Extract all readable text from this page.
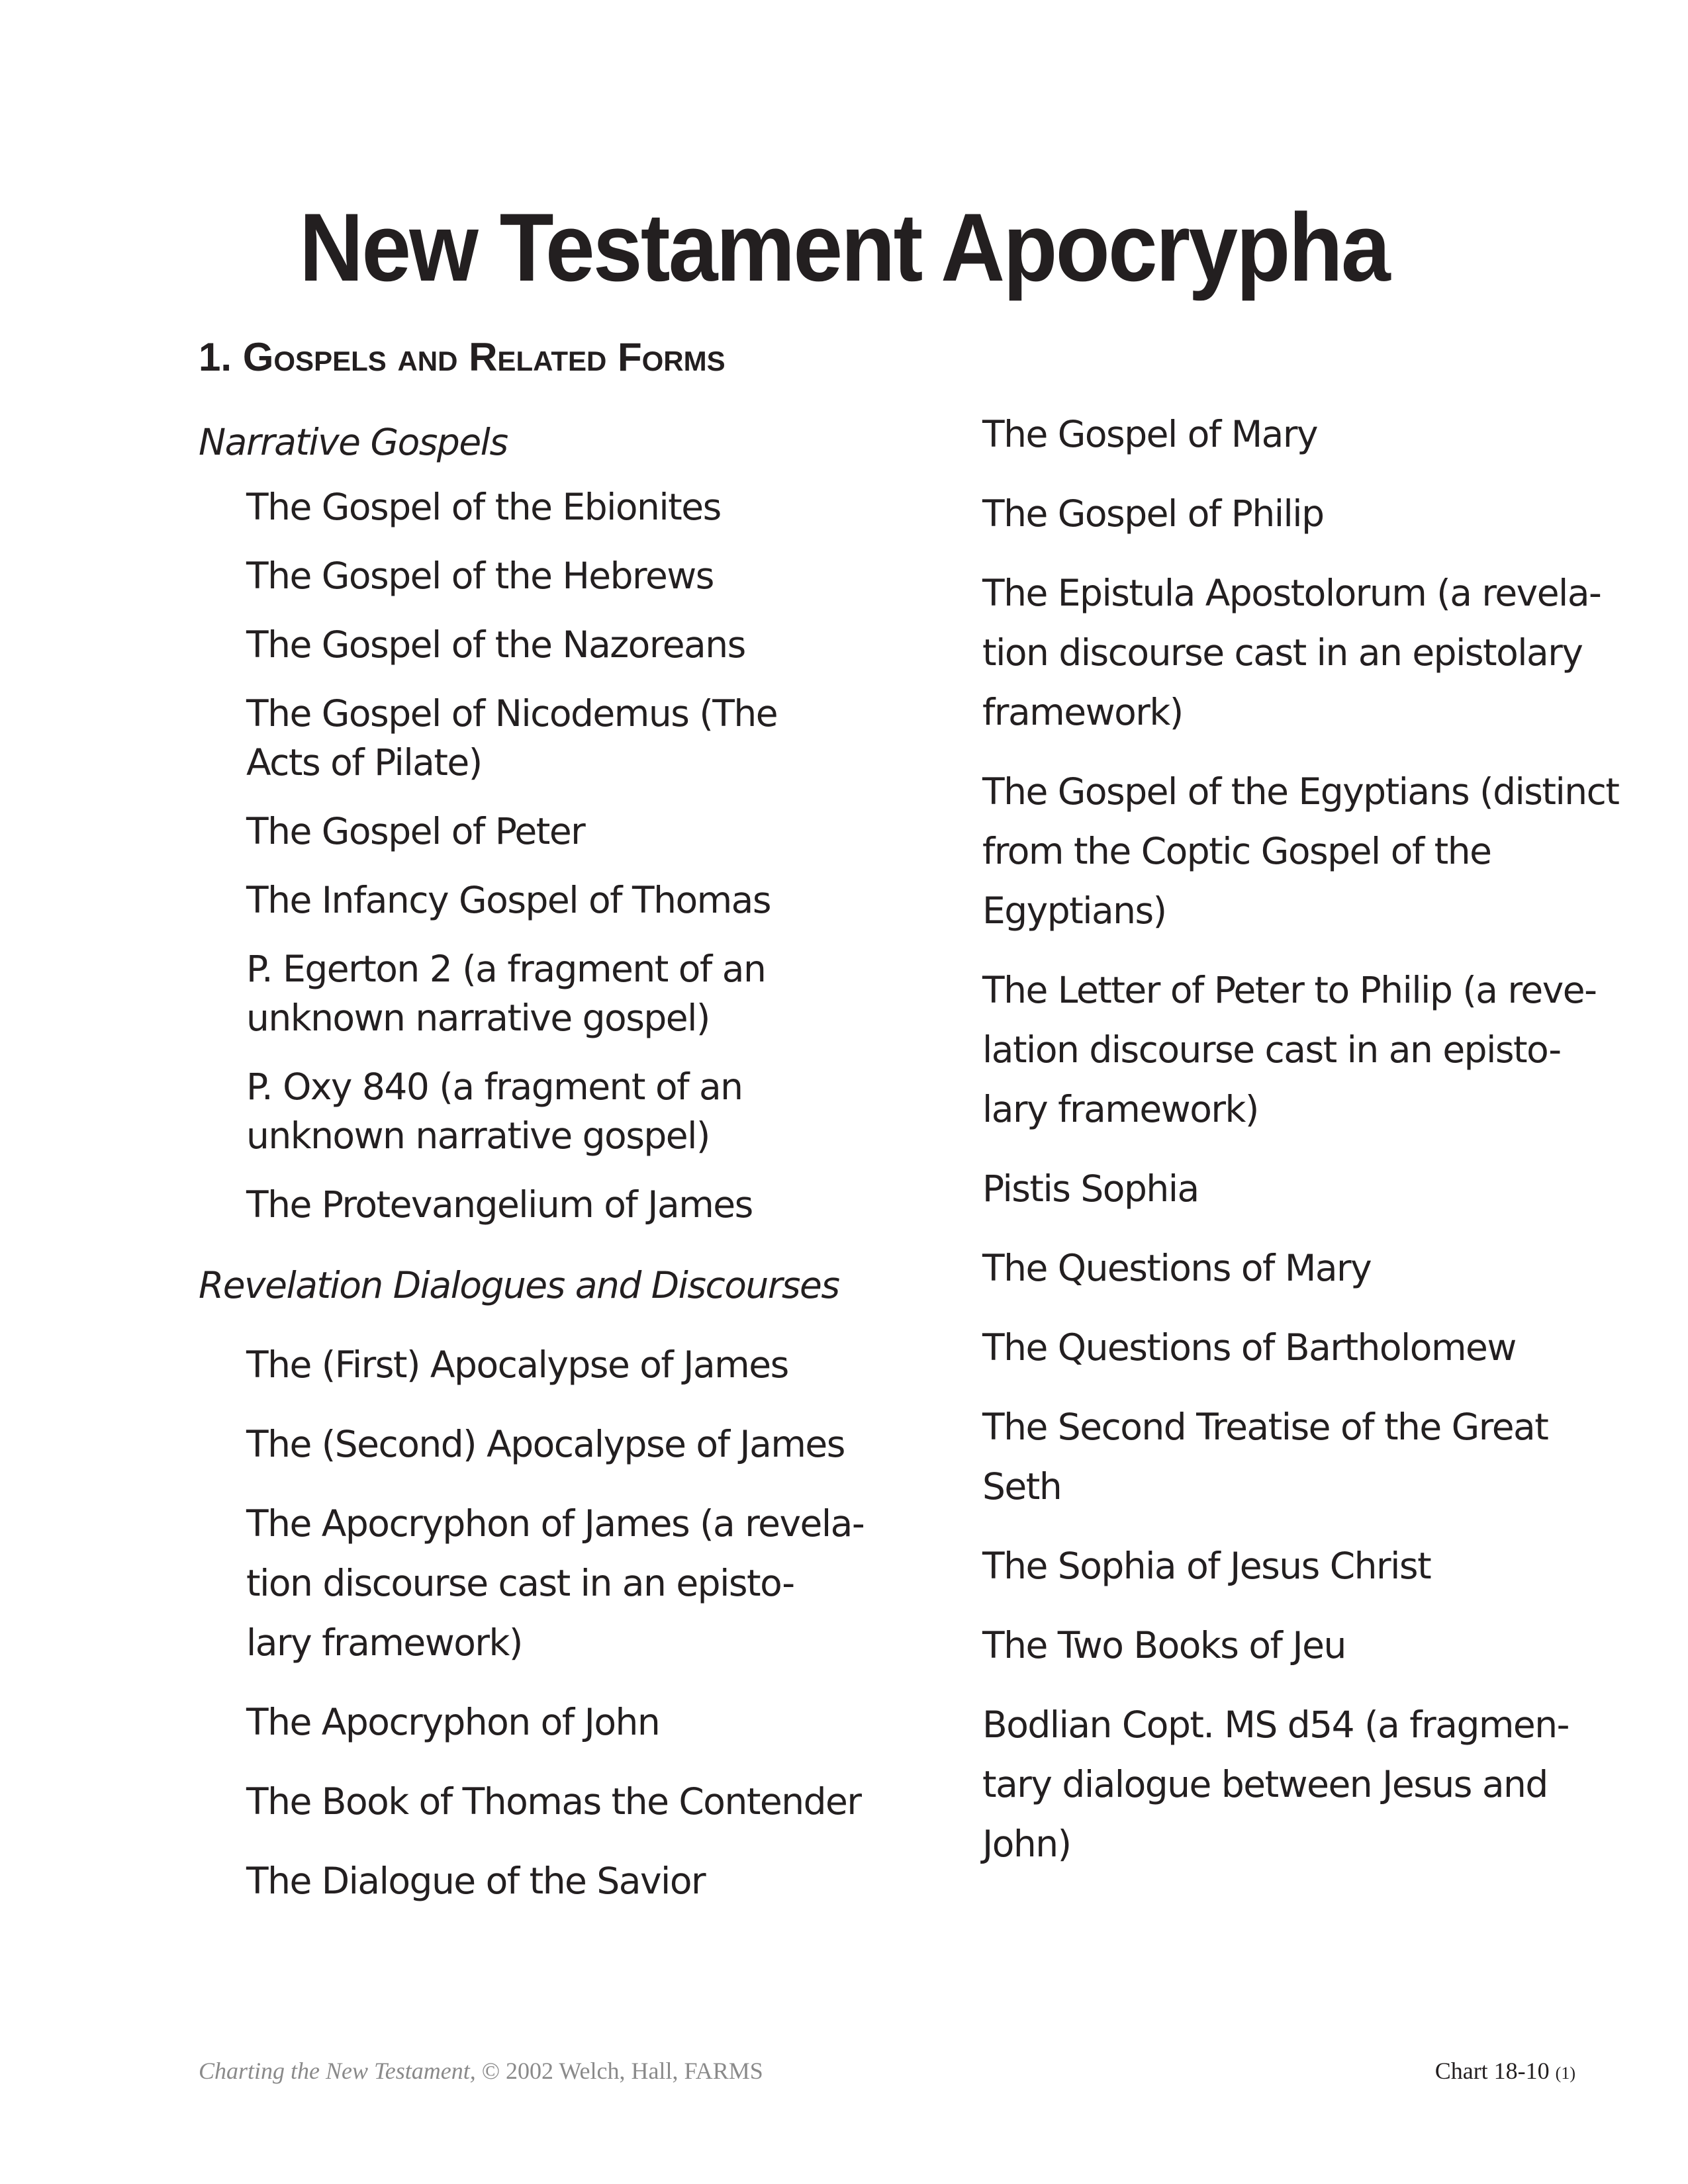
New Testament Apocrypha
1. Gospels and Related Forms
Narrative Gospels
The Gospel of the Ebionites
The Gospel of the Hebrews
The Gospel of the Nazoreans
The Gospel of Nicodemus (The
Acts of Pilate)
The Gospel of Peter
The Infancy Gospel of Thomas
P. Egerton 2 (a fragment of an
unknown narrative gospel)
P. Oxy 840 (a fragment of an
unknown narrative gospel)
The Protevangelium of James
Revelation Dialogues and Discourses
The (First) Apocalypse of James
The (Second) Apocalypse of James
The Apocryphon of James (a revela-
tion discourse cast in an episto-
lary framework)
The Apocryphon of John
The Book of Thomas the Contender
The Dialogue of the Savior
The Gospel of Mary
The Gospel of Philip
The Epistula Apostolorum (a revela-
tion discourse cast in an epistolary
framework)
The Gospel of the Egyptians (distinct
from the Coptic Gospel of the
Egyptians)
The Letter of Peter to Philip (a reve-
lation discourse cast in an episto-
lary framework)
Pistis Sophia
The Questions of Mary
The Questions of Bartholomew
The Second Treatise of the Great
Seth
The Sophia of Jesus Christ
The Two Books of Jeu
Bodlian Copt. MS d54 (a fragmen-
tary dialogue between Jesus and
John)
Charting the New Testament, © 2002 Welch, Hall, FARMS	Chart 18-10 (1)
